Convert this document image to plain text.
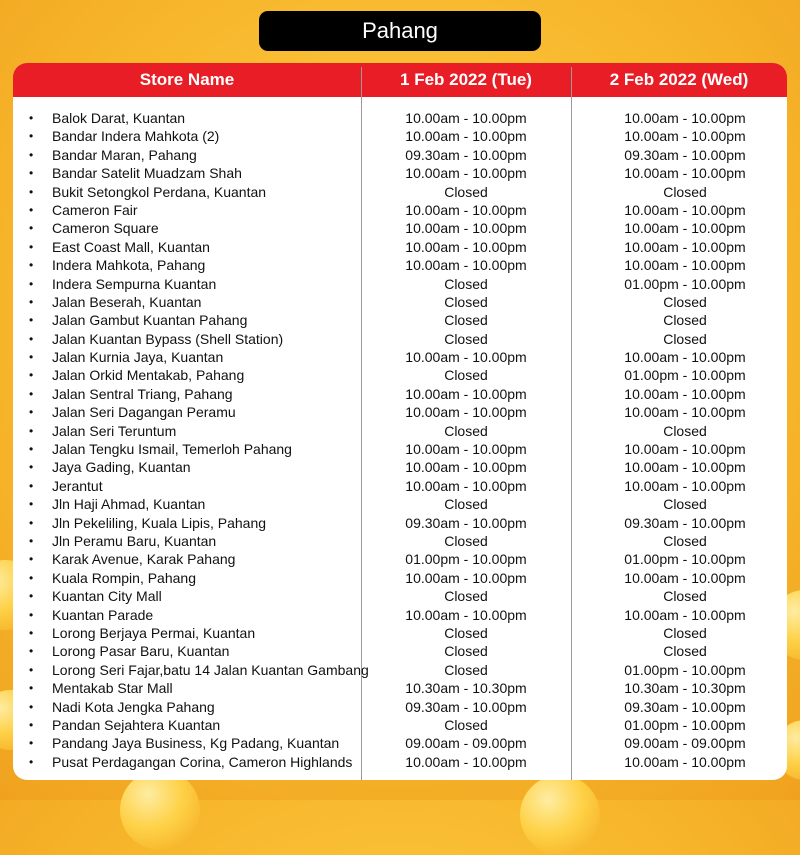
Pahang
Store Name	1 Feb 2022 (Tue)	2 Feb 2022 (Wed)
• Balok Darat, Kuantan	10.00am - 10.00pm	10.00am - 10.00pm
• Bandar Indera Mahkota (2)	10.00am - 10.00pm	10.00am - 10.00pm
• Bandar Maran, Pahang	09.30am - 10.00pm	09.30am - 10.00pm
• Bandar Satelit Muadzam Shah	10.00am - 10.00pm	10.00am - 10.00pm
• Bukit Setongkol Perdana, Kuantan	Closed	Closed
• Cameron Fair	10.00am - 10.00pm	10.00am - 10.00pm
• Cameron Square	10.00am - 10.00pm	10.00am - 10.00pm
• East Coast Mall, Kuantan	10.00am - 10.00pm	10.00am - 10.00pm
• Indera Mahkota, Pahang	10.00am - 10.00pm	10.00am - 10.00pm
• Indera Sempurna Kuantan	Closed	01.00pm - 10.00pm
• Jalan Beserah, Kuantan	Closed	Closed
• Jalan Gambut Kuantan Pahang	Closed	Closed
• Jalan Kuantan Bypass (Shell Station)	Closed	Closed
• Jalan Kurnia Jaya, Kuantan	10.00am - 10.00pm	10.00am - 10.00pm
• Jalan Orkid Mentakab, Pahang	Closed	01.00pm - 10.00pm
• Jalan Sentral Triang, Pahang	10.00am - 10.00pm	10.00am - 10.00pm
• Jalan Seri Dagangan Peramu	10.00am - 10.00pm	10.00am - 10.00pm
• Jalan Seri Teruntum	Closed	Closed
• Jalan Tengku Ismail, Temerloh Pahang	10.00am - 10.00pm	10.00am - 10.00pm
• Jaya Gading, Kuantan	10.00am - 10.00pm	10.00am - 10.00pm
• Jerantut	10.00am - 10.00pm	10.00am - 10.00pm
• Jln Haji Ahmad, Kuantan	Closed	Closed
• Jln Pekeliling, Kuala Lipis, Pahang	09.30am - 10.00pm	09.30am - 10.00pm
• Jln Peramu Baru, Kuantan	Closed	Closed
• Karak Avenue, Karak Pahang	01.00pm - 10.00pm	01.00pm - 10.00pm
• Kuala Rompin, Pahang	10.00am - 10.00pm	10.00am - 10.00pm
• Kuantan City Mall	Closed	Closed
• Kuantan Parade	10.00am - 10.00pm	10.00am - 10.00pm
• Lorong Berjaya Permai, Kuantan	Closed	Closed
• Lorong Pasar Baru, Kuantan	Closed	Closed
• Lorong Seri Fajar,batu 14 Jalan Kuantan Gambang	Closed	01.00pm - 10.00pm
• Mentakab Star Mall	10.30am - 10.30pm	10.30am - 10.30pm
• Nadi Kota Jengka Pahang	09.30am - 10.00pm	09.30am - 10.00pm
• Pandan Sejahtera Kuantan	Closed	01.00pm - 10.00pm
• Pandang Jaya Business, Kg Padang, Kuantan	09.00am - 09.00pm	09.00am - 09.00pm
• Pusat Perdagangan Corina, Cameron Highlands	10.00am - 10.00pm	10.00am - 10.00pm
